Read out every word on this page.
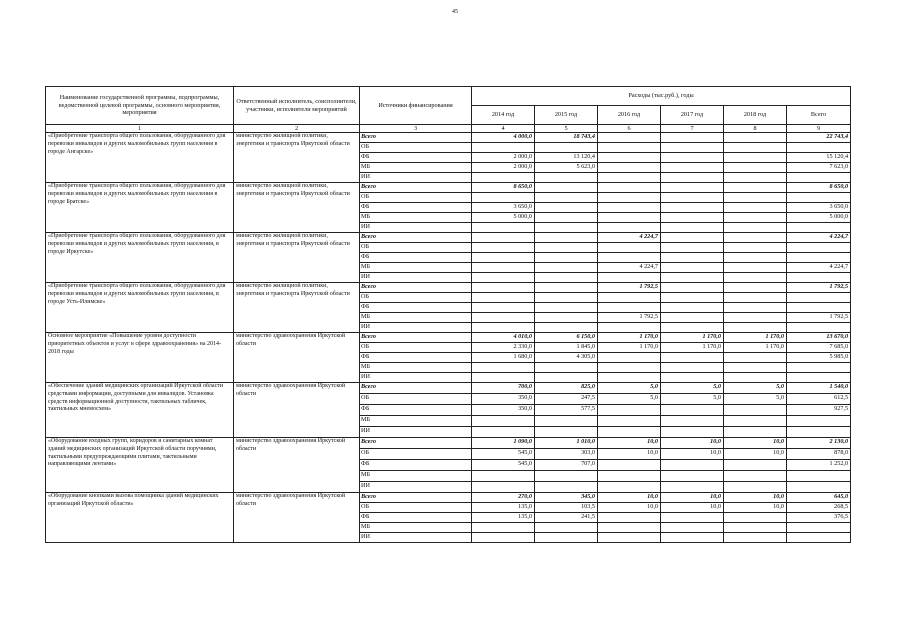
45
Наименование государственной программы, подпрограммы, ведомственной целевой программы, основного мероприятия, мероприятия	Ответственный исполнитель, соисполнители, участники, исполнители мероприятий	Источники финансирования	Расходы (тыс.руб.), годы					
			2014 год	2015 год	2016 год	2017 год	2018 год	Всего
1	2	3	4	5	6	7	8	9
«Приобретение транспорта общего пользования, оборудованного для перевозки инвалидов и других маломобильных групп населения в городе Ангарске»	министерство жилищной политики, энергетики и транспорта Иркутской области	Всего	4 000,0	18 743,4				22 743,4
		ОБ						
		ФБ	2 000,0	13 120,4				15 120,4
		МБ	2 000,0	5 623,0				7 623,0
		ИИ						
«Приобретение транспорта общего пользования, оборудованного для перевозки инвалидов и других маломобильных групп населения в городе Братске»	министерство жилищной политики, энергетики и транспорта Иркутской области	Всего	8 650,0					8 650,0
		ОБ						
		ФБ	3 650,0					3 650,0
		МБ	5 000,0					5 000,0
		ИИ						
«Приобретение транспорта общего пользования, оборудованного для перевозки инвалидов и других маломобильных групп населения, в городе Иркутске»	министерство жилищной политики, энергетики и транспорта Иркутской области	Всего			4 224,7			4 224,7
		ОБ						
		ФБ						
		МБ			4 224,7			4 224,7
		ИИ						
«Приобретение транспорта общего пользования, оборудованного для перевозки инвалидов и других маломобильных групп населения, в городе Усть-Илимске»	министерство жилищной политики, энергетики и транспорта Иркутской области	Всего			1 792,5			1 792,5
		ОБ						
		ФБ						
		МБ			1 792,5			1 792,5
		ИИ						
Основное мероприятие «Повышение уровня доступности приоритетных объектов и услуг в сфере здравоохранения» на 2014-2018 годы	министерство здравоохранения Иркутской области	Всего	4 010,0	6 150,0	1 170,0	1 170,0	1 170,0	13 670,0
		ОБ	2 330,0	1 845,0	1 170,0	1 170,0	1 170,0	7 685,0
		ФБ	1 680,0	4 305,0				5 985,0
		МБ						
		ИИ						
«Обеспечение зданий медицинских организаций Иркутской области средствами информации, доступными для инвалидов. Установка средств информационной доступности, тактильных табличек, тактильных мнемосхем»	министерство здравоохранения Иркутской области	Всего	700,0	825,0	5,0	5,0	5,0	1 540,0
		ОБ	350,0	247,5	5,0	5,0	5,0	612,5
		ФБ	350,0	577,5				927,5
		МБ						
		ИИ						
«Оборудование входных групп, коридоров и санитарных комнат зданий медицинских организаций Иркутской области поручнями, тактильными предупреждающими плитами, тактильными направляющими лентами»	министерство здравоохранения Иркутской области	Всего	1 090,0	1 010,0	10,0	10,0	10,0	2 130,0
		ОБ	545,0	303,0	10,0	10,0	10,0	878,0
		ФБ	545,0	707,0				1 252,0
		МБ						
		ИИ						
«Оборудование кнопками вызова помощника зданий медицинских организаций Иркутской области»	министерство здравоохранения Иркутской области	Всего	270,0	345,0	10,0	10,0	10,0	645,0
		ОБ	135,0	103,5	10,0	10,0	10,0	268,5
		ФБ	135,0	241,5				376,5
		МБ						
		ИИ						
